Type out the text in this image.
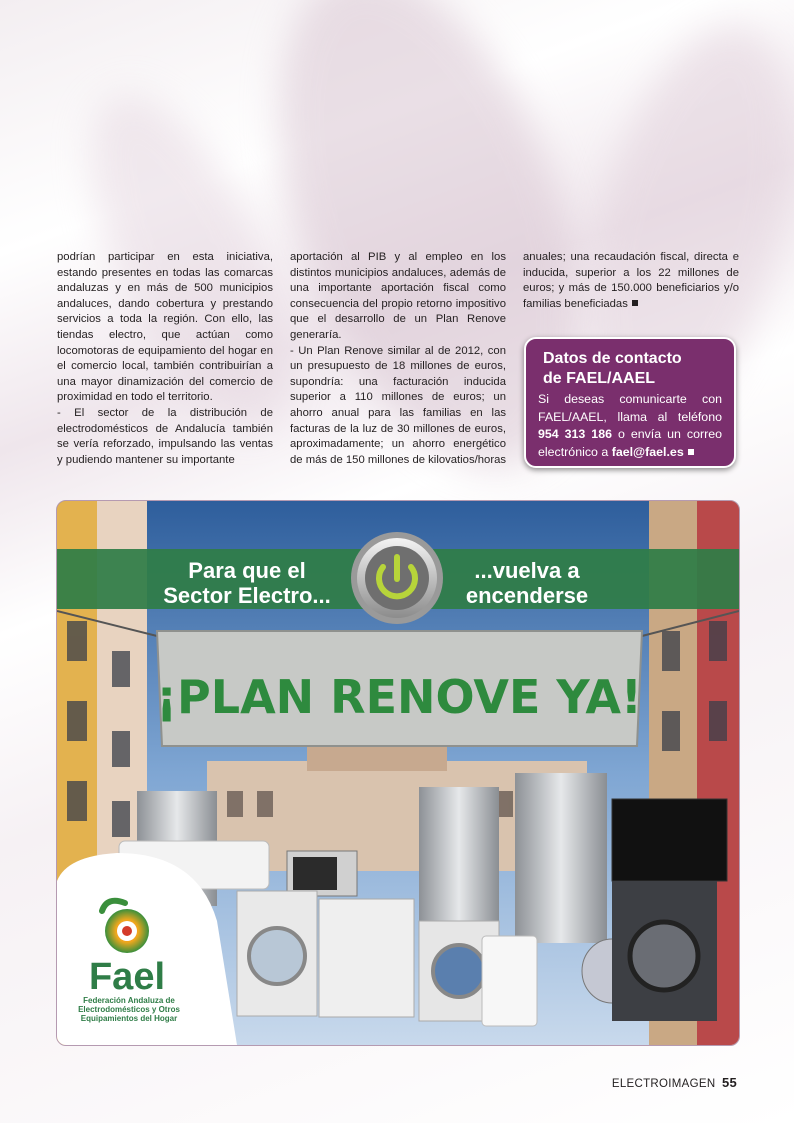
podrían participar en esta iniciativa, estando presentes en todas las comarcas andaluzas y en más de 500 municipios andaluces, dando cobertura y prestando servicios a toda la región. Con ello, las tiendas electro, que actúan como locomotoras de equipamiento del hogar en el comercio local, también contribuirían a una mayor dinamización del comercio de proximidad en todo el territorio.

- El sector de la distribución de electrodomésticos de Andalucía también se vería reforzado, impulsando las ventas y pudiendo mantener su importante

aportación al PIB y al empleo en los distintos municipios andaluces, además de una importante aportación fiscal como consecuencia del propio retorno impositivo que el desarrollo de un Plan Renove generaría.

- Un Plan Renove similar al de 2012, con un presupuesto de 18 millones de euros, supondría: una facturación inducida superior a 110 millones de euros; un ahorro anual para las familias en las facturas de la luz de 30 millones de euros, aproximadamente; un ahorro energético de más de 150 millones de kilovatios/horas

anuales; una recaudación fiscal, directa e inducida, superior a los 22 millones de euros; y más de 150.000 beneficiarios y/o familias beneficiadas

Datos de contacto
de FAEL/AAEL
Si deseas comunicarte con FAEL/AAEL, llama al teléfono 954 313 186 o envía un correo electrónico a fael@fael.es
Para que el
Sector Electro...
...vuelva a
encenderse
¡PLAN RENOVE YA!
Fael
Federación Andaluza de
Electrodomésticos y Otros
Equipamientos del Hogar
ELECTROIMAGEN 55
